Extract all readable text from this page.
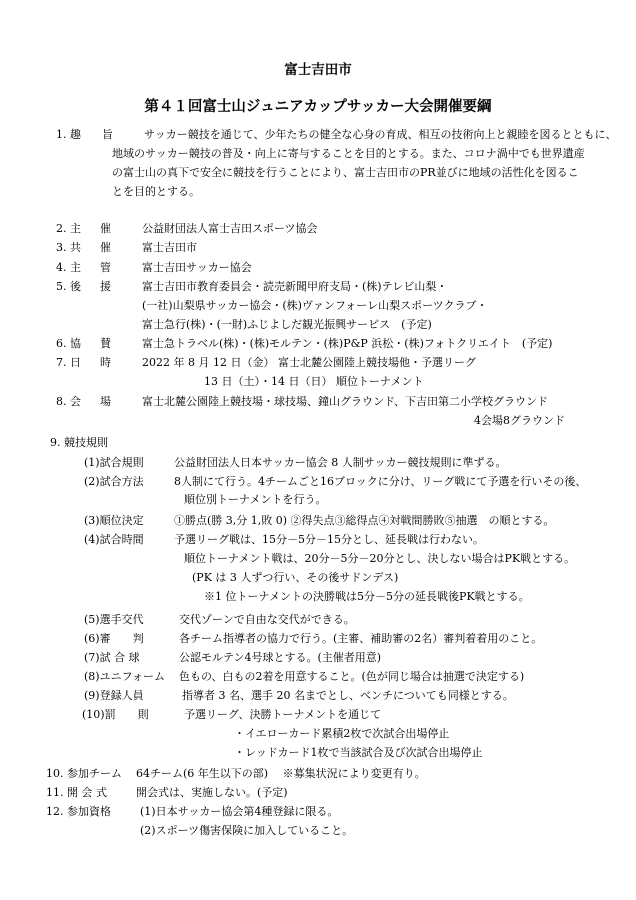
富士吉田市
第４１回富士山ジュニアカップサッカー大会開催要綱
1. 趣 旨	サッカー競技を通じて、少年たちの健全な心身の育成、相互の技術向上と親睦を図るとともに、
地域のサッカー競技の普及・向上に寄与することを目的とする。また、コロナ渦中でも世界遺産
の富士山の真下で安全に競技を行うことにより、富士吉田市のPR並びに地域の活性化を図るこ
とを目的とする。
2. 主 催	公益財団法人富士吉田スポーツ協会
3. 共 催	富士吉田市
4. 主 管	富士吉田サッカー協会
5. 後 援	富士吉田市教育委員会・読売新聞甲府支局・(株)テレビ山梨・
(一社)山梨県サッカー協会・(株)ヴァンフォーレ山梨スポーツクラブ・
富士急行(株)・(一財)ふじよしだ観光振興サービス　(予定)
6. 協 賛	富士急トラベル(株)・(株)モルテン・(株)P&P 浜松・(株)フォトクリエイト　(予定)
7. 日 時	2022 年 8 月 12 日（金） 富士北麓公園陸上競技場他・予選リーグ
13 日（土）・14 日（日） 順位トーナメント
8. 会 場	富士北麓公園陸上競技場・球技場、鐘山グラウンド、下吉田第二小学校グラウンド
4会場8グラウンド
9. 競技規則
(1)試合規則	公益財団法人日本サッカー協会 8 人制サッカー競技規則に準ずる。
(2)試合方法	8人制にて行う。4チームごと16ブロックに分け、リーグ戦にて予選を行いその後、
順位別トーナメントを行う。
(3)順位決定	①勝点(勝 3,分 1,敗 0) ②得失点③総得点④対戦間勝敗⑤抽選　の順とする。
(4)試合時間	予選リーグ戦は、15分－5分－15分とし、延長戦は行わない。
順位トーナメント戦は、20分－5分－20分とし、決しない場合はPK戦とする。
(PK は 3 人ずつ行い、その後サドンデス)
※1 位トーナメントの決勝戦は5分－5分の延長戦後PK戦とする。
(5)選手交代	交代ゾーンで自由な交代ができる。
(6)審　　判	各チーム指導者の協力で行う。(主審、補助審の2名）審判着着用のこと。
(7)試 合 球	公認モルテン4号球とする。(主催者用意)
(8)ユニフォーム 色もの、白もの2着を用意すること。(色が同じ場合は抽選で決定する)
(9)登録人員	指導者 3 名、選手 20 名までとし、ベンチについても同様とする。
(10)罰　　則	予選リーグ、決勝トーナメントを通じて
・イエローカード累積2枚で次試合出場停止
・レッドカード1枚で当該試合及び次試合出場停止
10. 参加チーム 64チーム(6 年生以下の部)　 ※募集状況により変更有り。
11. 開 会 式	開会式は、実施しない。(予定)
12. 参加資格	(1)日本サッカー協会第4種登録に限る。
(2)スポーツ傷害保険に加入していること。
